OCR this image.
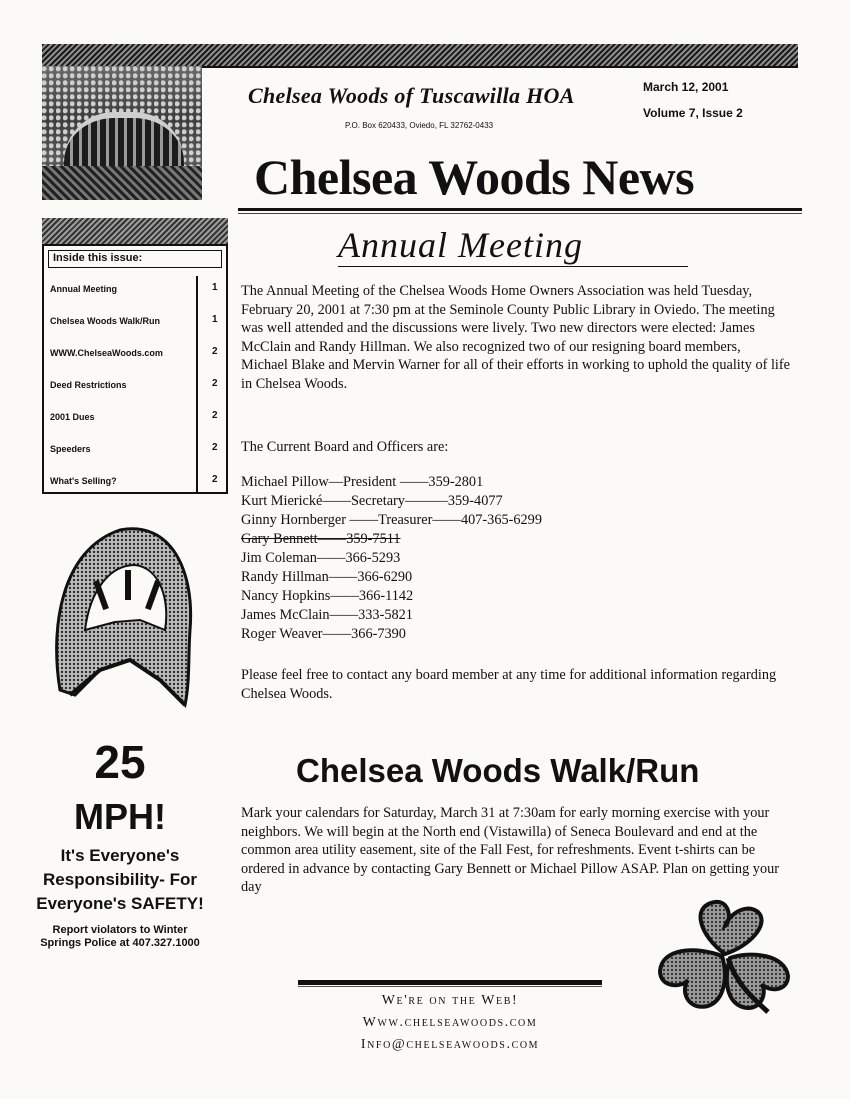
Chelsea Woods of Tuscawilla HOA
P.O. Box 620433, Oviedo, FL 32762-0433
March 12, 2001
Volume 7, Issue 2
Chelsea Woods News
Inside this issue:
Annual Meeting	1
Chelsea Woods Walk/Run	1
WWW.ChelseaWoods.com	2
Deed Restrictions	2
2001 Dues	2
Speeders	2
What's Selling?	2
25
MPH!
It's Everyone's Responsibility- For Everyone's SAFETY!
Report violators to Winter Springs Police at 407.327.1000
Annual Meeting
The Annual Meeting of the Chelsea Woods Home Owners Association was held Tuesday, February 20, 2001 at 7:30 pm at the Seminole County Public Library in Oviedo. The meeting was well attended and the discussions were lively. Two new directors were elected: James McClain and Randy Hillman. We also recognized two of our resigning board members, Michael Blake and Mervin Warner for all of their efforts in working to uphold the quality of life in Chelsea Woods.
The Current Board and Officers are:
Michael Pillow—President ——359-2801
Kurt Mierické——Secretary———359-4077
Ginny Hornberger ——Treasurer——407-365-6299
Gary Bennett——359-7511
Jim Coleman——366-5293
Randy Hillman——366-6290
Nancy Hopkins——366-1142
James McClain——333-5821
Roger Weaver——366-7390
Please feel free to contact any board member at any time for additional information regarding Chelsea Woods.
Chelsea Woods Walk/Run
Mark your calendars for Saturday, March 31 at 7:30am for early morning exercise with your neighbors. We will begin at the North end (Vistawilla) of Seneca Boulevard and end at the common area utility easement, site of the Fall Fest, for refreshments. Event t-shirts can be ordered in advance by contacting Gary Bennett or Michael Pillow ASAP. Plan on getting your day
We're on the Web!
Www.chelseawoods.com
Info@chelseawoods.com
